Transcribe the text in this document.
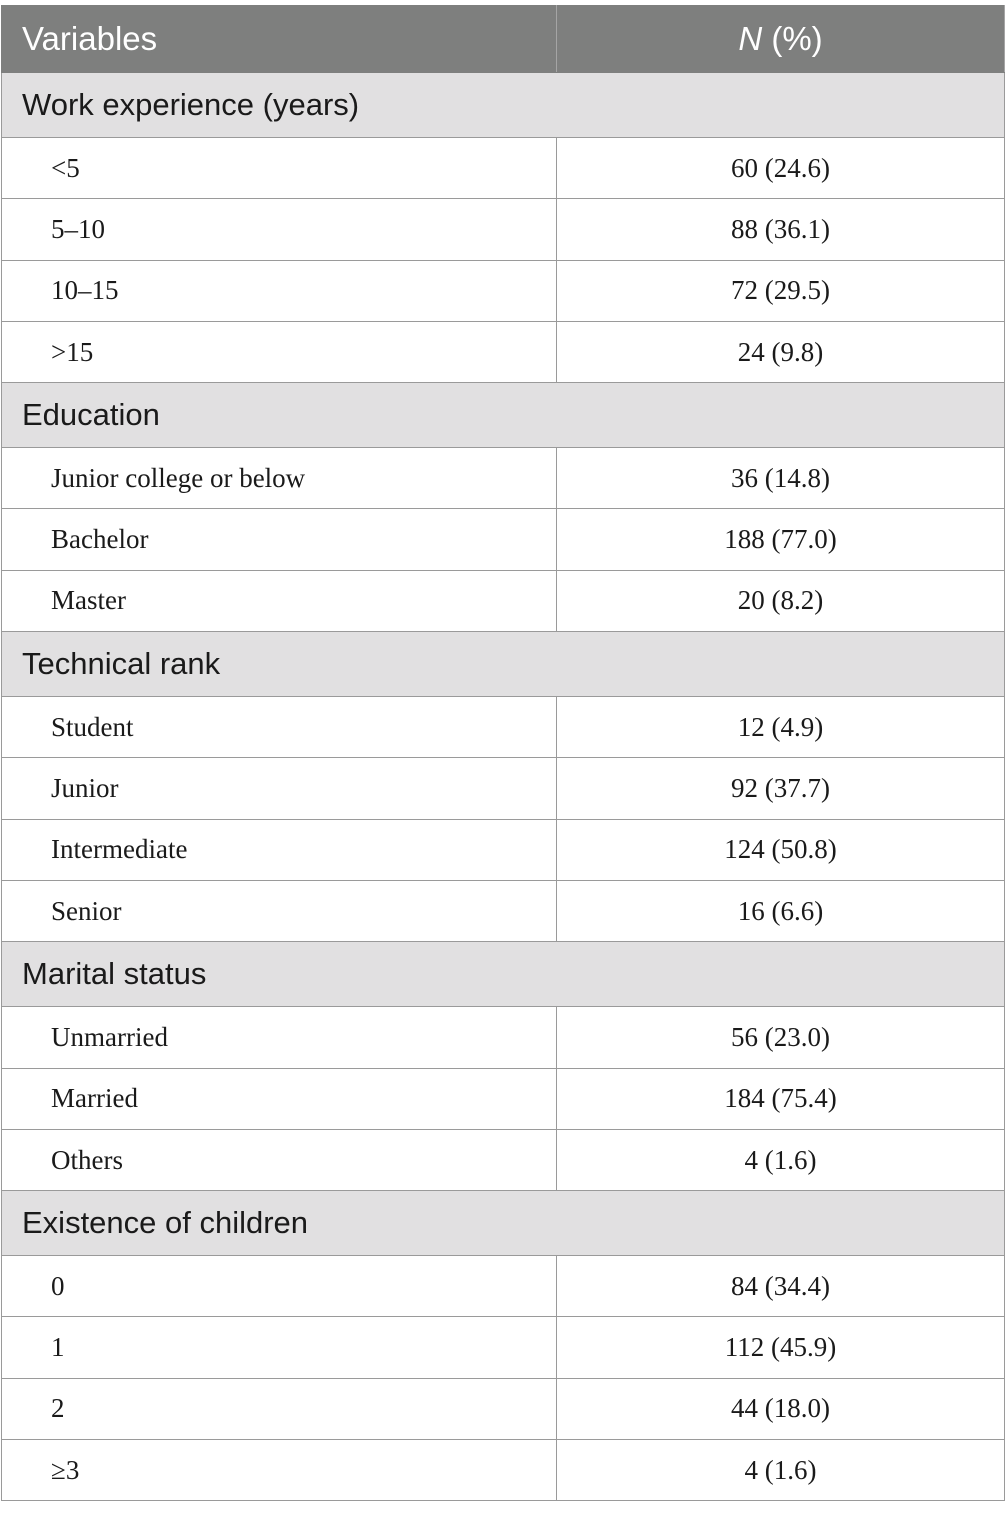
Variables	N (%)
Work experience (years)	
<5	60 (24.6)
5–10	88 (36.1)
10–15	72 (29.5)
>15	24 (9.8)
Education	
Junior college or below	36 (14.8)
Bachelor	188 (77.0)
Master	20 (8.2)
Technical rank	
Student	12 (4.9)
Junior	92 (37.7)
Intermediate	124 (50.8)
Senior	16 (6.6)
Marital status	
Unmarried	56 (23.0)
Married	184 (75.4)
Others	4 (1.6)
Existence of children	
0	84 (34.4)
1	112 (45.9)
2	44 (18.0)
≥3	4 (1.6)
